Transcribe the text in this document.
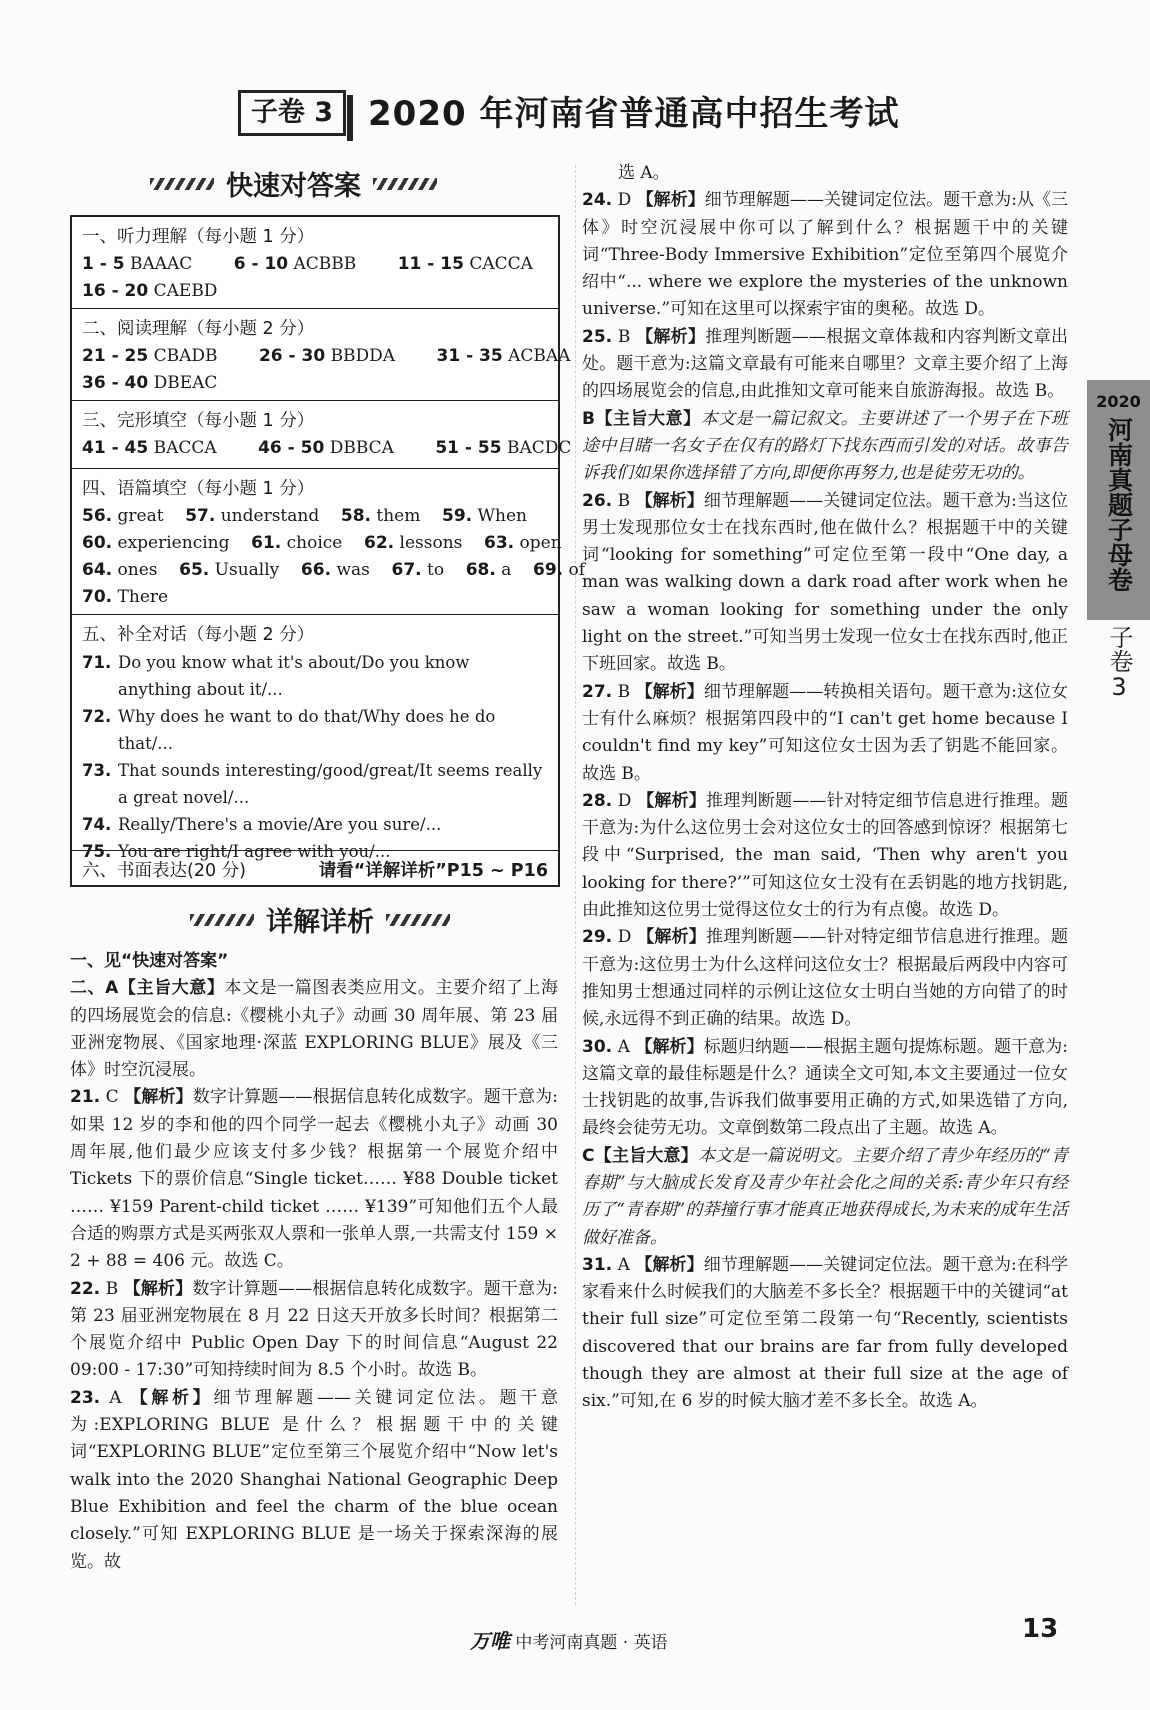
子卷 3	2020 年河南省普通高中招生考试
快速对答案
一、听力理解（每小题 1 分）
1 - 5 BAAAC 6 - 10 ACBBB 11 - 15 CACCA
16 - 20 CAEBD
二、阅读理解（每小题 2 分）
21 - 25 CBADB 26 - 30 BBDDA 31 - 35 ACBAA
36 - 40 DBEAC
三、完形填空（每小题 1 分）
41 - 45 BACCA 46 - 50 DBBCA 51 - 55 BACDC
四、语篇填空（每小题 1 分）
56. great 57. understand 58. them 59. When
60. experiencing 61. choice 62. lessons 63. open
64. ones 65. Usually 66. was 67. to 68. a 69. of
70. There
五、补全对话（每小题 2 分）
71. Do you know what it's about/Do you know anything about it/...
72. Why does he want to do that/Why does he do that/...
73. That sounds interesting/good/great/It seems really a great novel/...
74. Really/There's a movie/Are you sure/...
75. You are right/I agree with you/...
六、书面表达(20 分)	请看“详解详析”P15 ~ P16
详解详析

一、见“快速对答案”

二、A【主旨大意】本文是一篇图表类应用文。主要介绍了上海的四场展览会的信息:《樱桃小丸子》动画 30 周年展、第 23 届亚洲宠物展、《国家地理·深蓝 EXPLORING BLUE》展及《三体》时空沉浸展。

21. C 【解析】数字计算题——根据信息转化成数字。题干意为:如果 12 岁的李和他的四个同学一起去《樱桃小丸子》动画 30 周年展,他们最少应该支付多少钱？根据第一个展览介绍中 Tickets 下的票价信息“Single ticket…… ¥88 Double ticket …… ¥159 Parent-child ticket …… ¥139”可知他们五个人最合适的购票方式是买两张双人票和一张单人票,一共需支付 159 × 2 + 88 = 406 元。故选 C。

22. B 【解析】数字计算题——根据信息转化成数字。题干意为:第 23 届亚洲宠物展在 8 月 22 日这天开放多长时间？根据第二个展览介绍中 Public Open Day 下的时间信息“August 22 09:00 - 17:30”可知持续时间为 8.5 个小时。故选 B。

23. A 【解析】细节理解题——关键词定位法。题干意为:EXPLORING BLUE 是什么？根据题干中的关键词“EXPLORING BLUE”定位至第三个展览介绍中“Now let's walk into the 2020 Shanghai National Geographic Deep Blue Exhibition and feel the charm of the blue ocean closely.”可知 EXPLORING BLUE 是一场关于探索深海的展览。故

选 A。

24. D 【解析】细节理解题——关键词定位法。题干意为:从《三体》时空沉浸展中你可以了解到什么？根据题干中的关键词“Three-Body Immersive Exhibition”定位至第四个展览介绍中“... where we explore the mysteries of the unknown universe.”可知在这里可以探索宇宙的奥秘。故选 D。

25. B 【解析】推理判断题——根据文章体裁和内容判断文章出处。题干意为:这篇文章最有可能来自哪里？文章主要介绍了上海的四场展览会的信息,由此推知文章可能来自旅游海报。故选 B。

B【主旨大意】本文是一篇记叙文。主要讲述了一个男子在下班途中目睹一名女子在仅有的路灯下找东西而引发的对话。故事告诉我们如果你选择错了方向,即便你再努力,也是徒劳无功的。

26. B 【解析】细节理解题——关键词定位法。题干意为:当这位男士发现那位女士在找东西时,他在做什么？根据题干中的关键词“looking for something”可定位至第一段中“One day, a man was walking down a dark road after work when he saw a woman looking for something under the only light on the street.”可知当男士发现一位女士在找东西时,他正下班回家。故选 B。

27. B 【解析】细节理解题——转换相关语句。题干意为:这位女士有什么麻烦？根据第四段中的“I can't get home because I couldn't find my key”可知这位女士因为丢了钥匙不能回家。故选 B。

28. D 【解析】推理判断题——针对特定细节信息进行推理。题干意为:为什么这位男士会对这位女士的回答感到惊讶？根据第七段中“Surprised, the man said, ‘Then why aren't you looking for there?’”可知这位女士没有在丢钥匙的地方找钥匙,由此推知这位男士觉得这位女士的行为有点傻。故选 D。

29. D 【解析】推理判断题——针对特定细节信息进行推理。题干意为:这位男士为什么这样问这位女士？根据最后两段中内容可推知男士想通过同样的示例让这位女士明白当她的方向错了的时候,永远得不到正确的结果。故选 D。

30. A 【解析】标题归纳题——根据主题句提炼标题。题干意为:这篇文章的最佳标题是什么？通读全文可知,本文主要通过一位女士找钥匙的故事,告诉我们做事要用正确的方式,如果选错了方向,最终会徒劳无功。文章倒数第二段点出了主题。故选 A。

C【主旨大意】本文是一篇说明文。主要介绍了青少年经历的“青春期”与大脑成长发育及青少年社会化之间的关系:青少年只有经历了“青春期”的莽撞行事才能真正地获得成长,为未来的成年生活做好准备。

31. A 【解析】细节理解题——关键词定位法。题干意为:在科学家看来什么时候我们的大脑差不多长全？根据题干中的关键词“at their full size”可定位至第二段第一句“Recently, scientists discovered that our brains are far from fully developed though they are almost at their full size at the age of six.”可知,在 6 岁的时候大脑才差不多长全。故选 A。

2020
河南真题子母卷
子卷
3
万唯 中考河南真题 · 英语	13
